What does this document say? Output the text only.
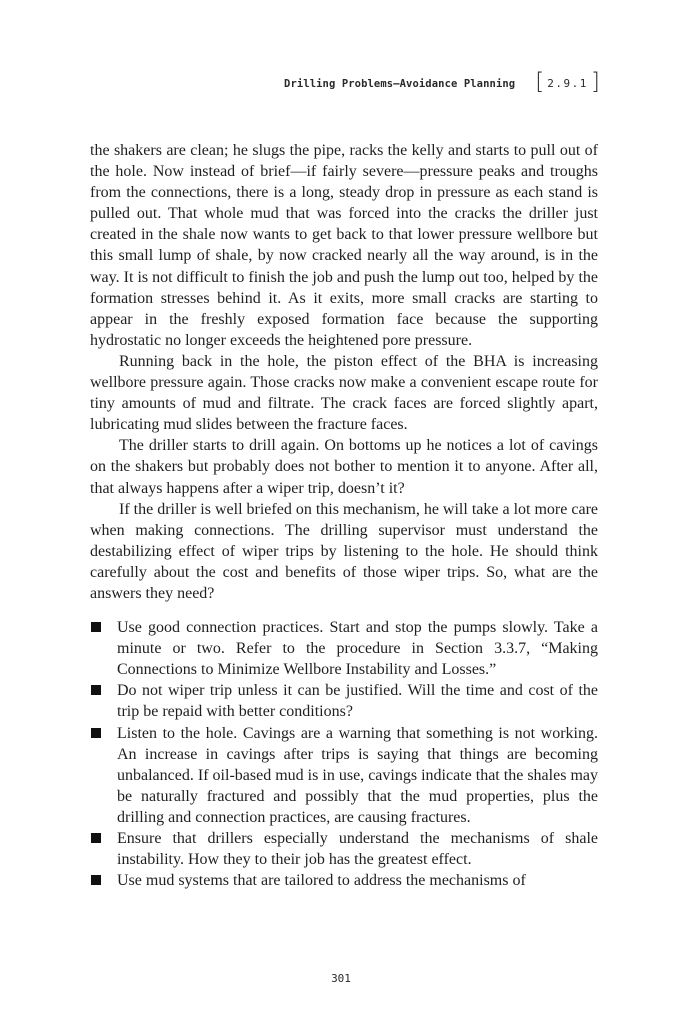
Drilling Problems—Avoidance Planning [ 2.9.1 ]

the shakers are clean; he slugs the pipe, racks the kelly and starts to pull out of the hole. Now instead of brief—if fairly severe—pressure peaks and troughs from the connections, there is a long, steady drop in pressure as each stand is pulled out. That whole mud that was forced into the cracks the driller just created in the shale now wants to get back to that lower pressure wellbore but this small lump of shale, by now cracked nearly all the way around, is in the way. It is not difficult to finish the job and push the lump out too, helped by the formation stresses behind it. As it exits, more small cracks are starting to appear in the freshly exposed formation face because the supporting hydrostatic no longer exceeds the heightened pore pressure.

Running back in the hole, the piston effect of the BHA is increasing wellbore pressure again. Those cracks now make a convenient escape route for tiny amounts of mud and filtrate. The crack faces are forced slightly apart, lubricating mud slides between the fracture faces.

The driller starts to drill again. On bottoms up he notices a lot of cavings on the shakers but probably does not bother to mention it to anyone. After all, that always happens after a wiper trip, doesn’t it?

If the driller is well briefed on this mechanism, he will take a lot more care when making connections. The drilling supervisor must understand the destabilizing effect of wiper trips by listening to the hole. He should think carefully about the cost and benefits of those wiper trips. So, what are the answers they need?

Use good connection practices. Start and stop the pumps slowly. Take a minute or two. Refer to the procedure in Section 3.3.7, “Making Connections to Minimize Wellbore Instability and Losses.”
Do not wiper trip unless it can be justified. Will the time and cost of the trip be repaid with better conditions?
Listen to the hole. Cavings are a warning that something is not working. An increase in cavings after trips is saying that things are becoming unbalanced. If oil-based mud is in use, cavings indicate that the shales may be naturally fractured and possibly that the mud properties, plus the drilling and connection practices, are causing fractures.
Ensure that drillers especially understand the mechanisms of shale instability. How they to their job has the greatest effect.
Use mud systems that are tailored to address the mechanisms of
301
